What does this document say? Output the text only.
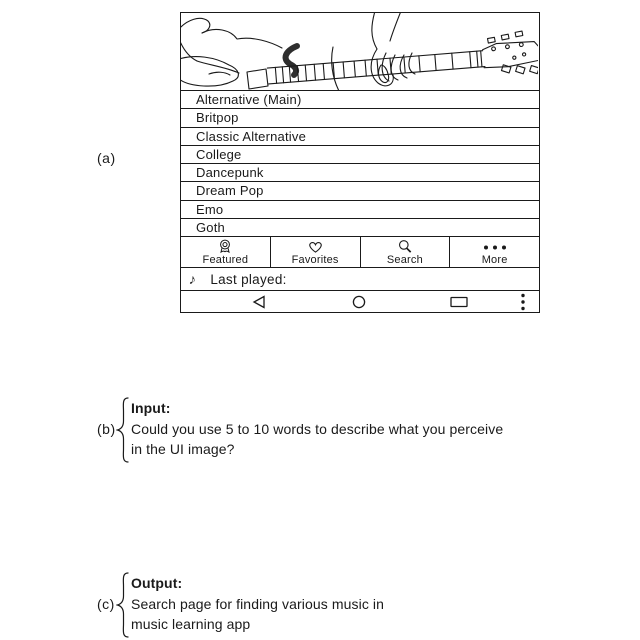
(a)
Alternative (Main)
Britpop
Classic Alternative
College
Dancepunk
Dream Pop
Emo
Goth
Featured	Favorites	Search	More
♪ Last played:
(b)
Input:
Could you use 5 to 10 words to describe what you perceive
in the UI image?
(c)
Output:
Search page for finding various music in
music learning app
